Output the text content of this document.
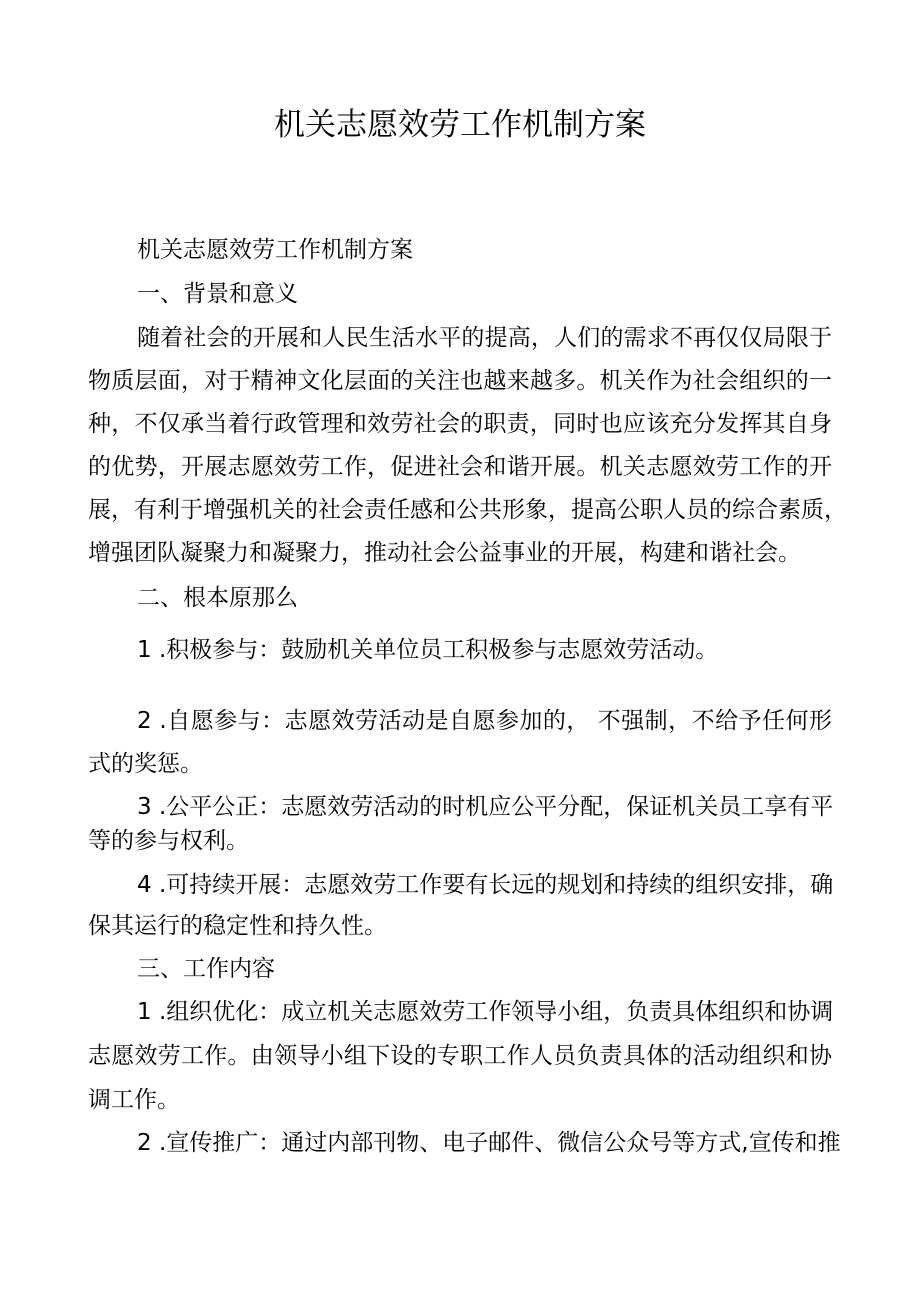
机关志愿效劳工作机制方案
机关志愿效劳工作机制方案
一、背景和意义
随着社会的开展和人民生活水平的提高，人们的需求不再仅仅局限于
物质层面，对于精神文化层面的关注也越来越多。机关作为社会组织的一
种，不仅承当着行政管理和效劳社会的职责，同时也应该充分发挥其自身
的优势，开展志愿效劳工作，促进社会和谐开展。机关志愿效劳工作的开
展，有利于增强机关的社会责任感和公共形象，提高公职人员的综合素质，
增强团队凝聚力和凝聚力，推动社会公益事业的开展，构建和谐社会。
二、根本原那么
1 .积极参与：鼓励机关单位员工积极参与志愿效劳活动。
2 .自愿参与：志愿效劳活动是自愿参加的， 不强制，不给予任何形
式的奖惩。
3 .公平公正：志愿效劳活动的时机应公平分配，保证机关员工享有平
等的参与权利。
4 .可持续开展：志愿效劳工作要有长远的规划和持续的组织安排，确
保其运行的稳定性和持久性。
三、工作内容
1 .组织优化：成立机关志愿效劳工作领导小组，负责具体组织和协调
志愿效劳工作。由领导小组下设的专职工作人员负责具体的活动组织和协
调工作。
2 .宣传推广：通过内部刊物、电子邮件、微信公众号等方式,宣传和推
